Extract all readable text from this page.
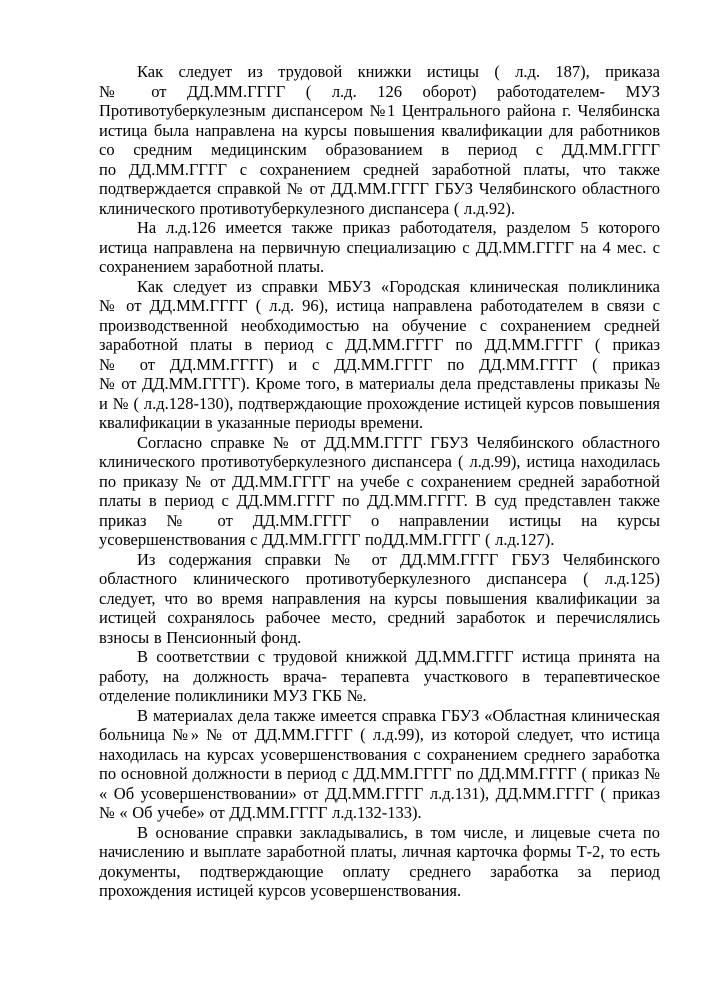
Как следует из трудовой книжки истицы ( л.д. 187), приказа № от ДД.ММ.ГГГГ ( л.д. 126 оборот) работодателем- МУЗ Противотуберкулезным диспансером №1 Центрального района г. Челябинска истица была направлена на курсы повышения квалификации для работников со средним медицинским образованием в период с ДД.ММ.ГГГГ по ДД.ММ.ГГГГ с сохранением средней заработной платы, что также подтверждается справкой № от ДД.ММ.ГГГГ ГБУЗ Челябинского областного клинического противотуберкулезного диспансера ( л.д.92).

На л.д.126 имеется также приказ работодателя, разделом 5 которого истица направлена на первичную специализацию с ДД.ММ.ГГГГ на 4 мес. с сохранением заработной платы.

Как следует из справки МБУЗ «Городская клиническая поликлиника № от ДД.ММ.ГГГГ ( л.д. 96), истица направлена работодателем в связи с производственной необходимостью на обучение с сохранением средней заработной платы в период с ДД.ММ.ГГГГ по ДД.ММ.ГГГГ ( приказ № от ДД.ММ.ГГГГ) и с ДД.ММ.ГГГГ по ДД.ММ.ГГГГ ( приказ № от ДД.ММ.ГГГГ). Кроме того, в материалы дела представлены приказы № и № ( л.д.128-130), подтверждающие прохождение истицей курсов повышения квалификации в указанные периоды времени.

Согласно справке № от ДД.ММ.ГГГГ ГБУЗ Челябинского областного клинического противотуберкулезного диспансера ( л.д.99), истица находилась по приказу № от ДД.ММ.ГГГГ на учебе с сохранением средней заработной платы в период с ДД.ММ.ГГГГ по ДД.ММ.ГГГГ. В суд представлен также приказ № от ДД.ММ.ГГГГ о направлении истицы на курсы усовершенствования с ДД.ММ.ГГГГ поДД.ММ.ГГГГ ( л.д.127).

Из содержания справки № от ДД.ММ.ГГГГ ГБУЗ Челябинского областного клинического противотуберкулезного диспансера ( л.д.125) следует, что во время направления на курсы повышения квалификации за истицей сохранялось рабочее место, средний заработок и перечислялись взносы в Пенсионный фонд.

В соответствии с трудовой книжкой ДД.ММ.ГГГГ истица принята на работу, на должность врача- терапевта участкового в терапевтическое отделение поликлиники МУЗ ГКБ №.

В материалах дела также имеется справка ГБУЗ «Областная клиническая больница №» № от ДД.ММ.ГГГГ ( л.д.99), из которой следует, что истица находилась на курсах усовершенствования с сохранением среднего заработка по основной должности в период с ДД.ММ.ГГГГ по ДД.ММ.ГГГГ ( приказ № « Об усовершенствовании» от ДД.ММ.ГГГГ л.д.131), ДД.ММ.ГГГГ ( приказ № « Об учебе» от ДД.ММ.ГГГГ л.д.132-133).

В основание справки закладывались, в том числе, и лицевые счета по начислению и выплате заработной платы, личная карточка формы Т-2, то есть документы, подтверждающие оплату среднего заработка за период прохождения истицей курсов усовершенствования.
